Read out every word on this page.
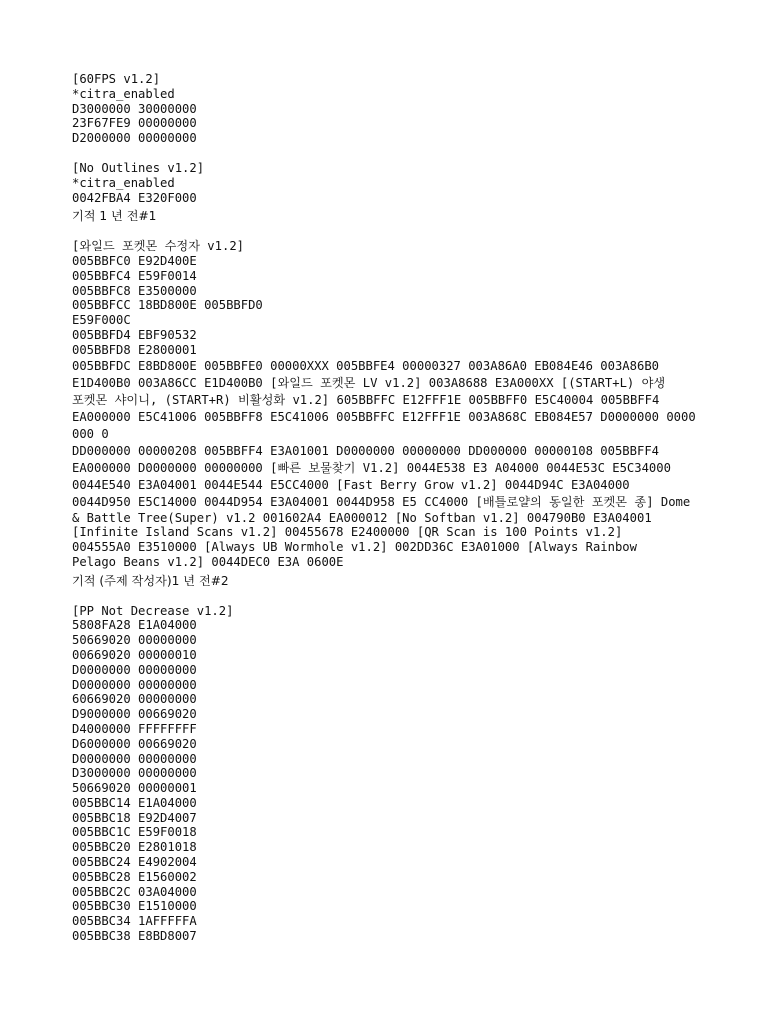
[60FPS v1.2]
*citra_enabled
D3000000 30000000
23F67FE9 00000000
D2000000 00000000
[No Outlines v1.2]
*citra_enabled
0042FBA4 E320F000
기적 1 년 전#1
[와일드 포켓몬 수정자 v1.2]
005BBFC0 E92D400E
005BBFC4 E59F0014
005BBFC8 E3500000
005BBFCC 18BD800E 005BBFD0
E59F000C
005BBFD4 EBF90532
005BBFD8 E2800001
005BBFDC E8BD800E 005BBFE0 00000XXX 005BBFE4 00000327 003A86A0 EB084E46 003A86B0
E1D400B0 003A86CC E1D400B0 [와일드 포켓몬 LV v1.2] 003A8688 E3A000XX [(START+L) 야생
포켓몬 샤이니, (START+R) 비활성화 v1.2] 605BBFFC E12FFF1E 005BBFF0 E5C40004 005BBFF4
EA000000 E5C41006 005BBFF8 E5C41006 005BBFFC E12FFF1E 003A868C EB084E57 D0000000 0000000 0
DD000000 00000208 005BBFF4 E3A01001 D0000000 00000000 DD000000 00000108 005BBFF4
EA000000 D0000000 00000000 [빠른 보물찾기 V1.2] 0044E538 E3 A04000 0044E53C E5C34000
0044E540 E3A04001 0044E544 E5CC4000 [Fast Berry Grow v1.2] 0044D94C E3A04000
0044D950 E5C14000 0044D954 E3A04001 0044D958 E5 CC4000 [배틀로얄의 동일한 포켓몬 종] Dome
& Battle Tree(Super) v1.2 001602A4 EA000012 [No Softban v1.2] 004790B0 E3A04001
[Infinite Island Scans v1.2] 00455678 E2400000 [QR Scan is 100 Points v1.2]
004555A0 E3510000 [Always UB Wormhole v1.2] 002DD36C E3A01000 [Always Rainbow
Pelago Beans v1.2] 0044DEC0 E3A 0600E
기적 (주제 작성자)1 년 전#2
[PP Not Decrease v1.2]
5808FA28 E1A04000
50669020 00000000
00669020 00000010
D0000000 00000000
D0000000 00000000
60669020 00000000
D9000000 00669020
D4000000 FFFFFFFF
D6000000 00669020
D0000000 00000000
D3000000 00000000
50669020 00000001
005BBC14 E1A04000
005BBC18 E92D4007
005BBC1C E59F0018
005BBC20 E2801018
005BBC24 E4902004
005BBC28 E1560002
005BBC2C 03A04000
005BBC30 E1510000
005BBC34 1AFFFFFA
005BBC38 E8BD8007
